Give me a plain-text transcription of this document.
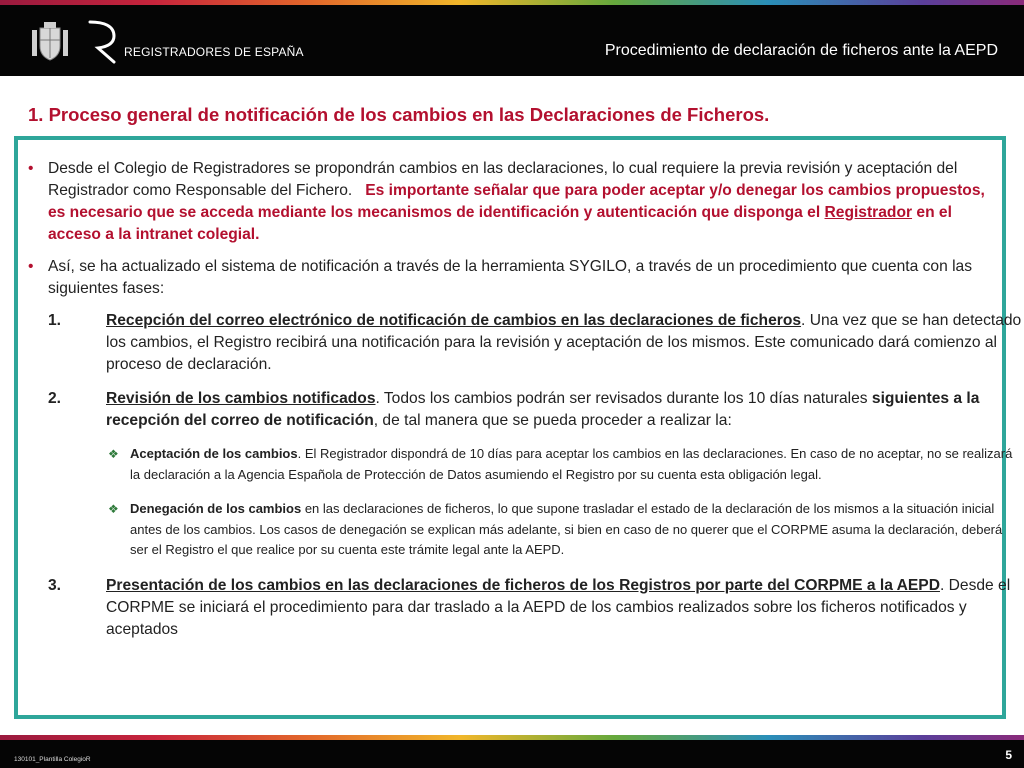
REGISTRADORES DE ESPAÑA	Procedimiento de declaración de ficheros ante la AEPD
1. Proceso general de notificación de los cambios en las Declaraciones de Ficheros.
• Desde el Colegio de Registradores se propondrán cambios en las declaraciones, lo cual requiere la previa revisión y aceptación del Registrador como Responsable del Fichero. Es importante señalar que para poder aceptar y/o denegar los cambios propuestos, es necesario que se acceda mediante los mecanismos de identificación y autenticación que disponga el Registrador en el acceso a la intranet colegial.
• Así, se ha actualizado el sistema de notificación a través de la herramienta SYGILO, a través de un procedimiento que cuenta con las siguientes fases:
1.	Recepción del correo electrónico de notificación de cambios en las declaraciones de ficheros. Una vez que se han detectado los cambios, el Registro recibirá una notificación para la revisión y aceptación de los mismos. Este comunicado dará comienzo al proceso de declaración.
2.	Revisión de los cambios notificados. Todos los cambios podrán ser revisados durante los 10 días naturales siguientes a la recepción del correo de notificación, de tal manera que se pueda proceder a realizar la:
❖ Aceptación de los cambios. El Registrador dispondrá de 10 días para aceptar los cambios en las declaraciones. En caso de no aceptar, no se realizará la declaración a la Agencia Española de Protección de Datos asumiendo el Registro por su cuenta esta obligación legal.
❖ Denegación de los cambios en las declaraciones de ficheros, lo que supone trasladar el estado de la declaración de los mismos a la situación inicial antes de los cambios. Los casos de denegación se explican más adelante, si bien en caso de no querer que el CORPME asuma la declaración, deberá ser el Registro el que realice por su cuenta este trámite legal ante la AEPD.
3.	Presentación de los cambios en las declaraciones de ficheros de los Registros por parte del CORPME a la AEPD. Desde el CORPME se iniciará el procedimiento para dar traslado a la AEPD de los cambios realizados sobre los ficheros notificados y aceptados
130101_Plantilla ColegioR	5
